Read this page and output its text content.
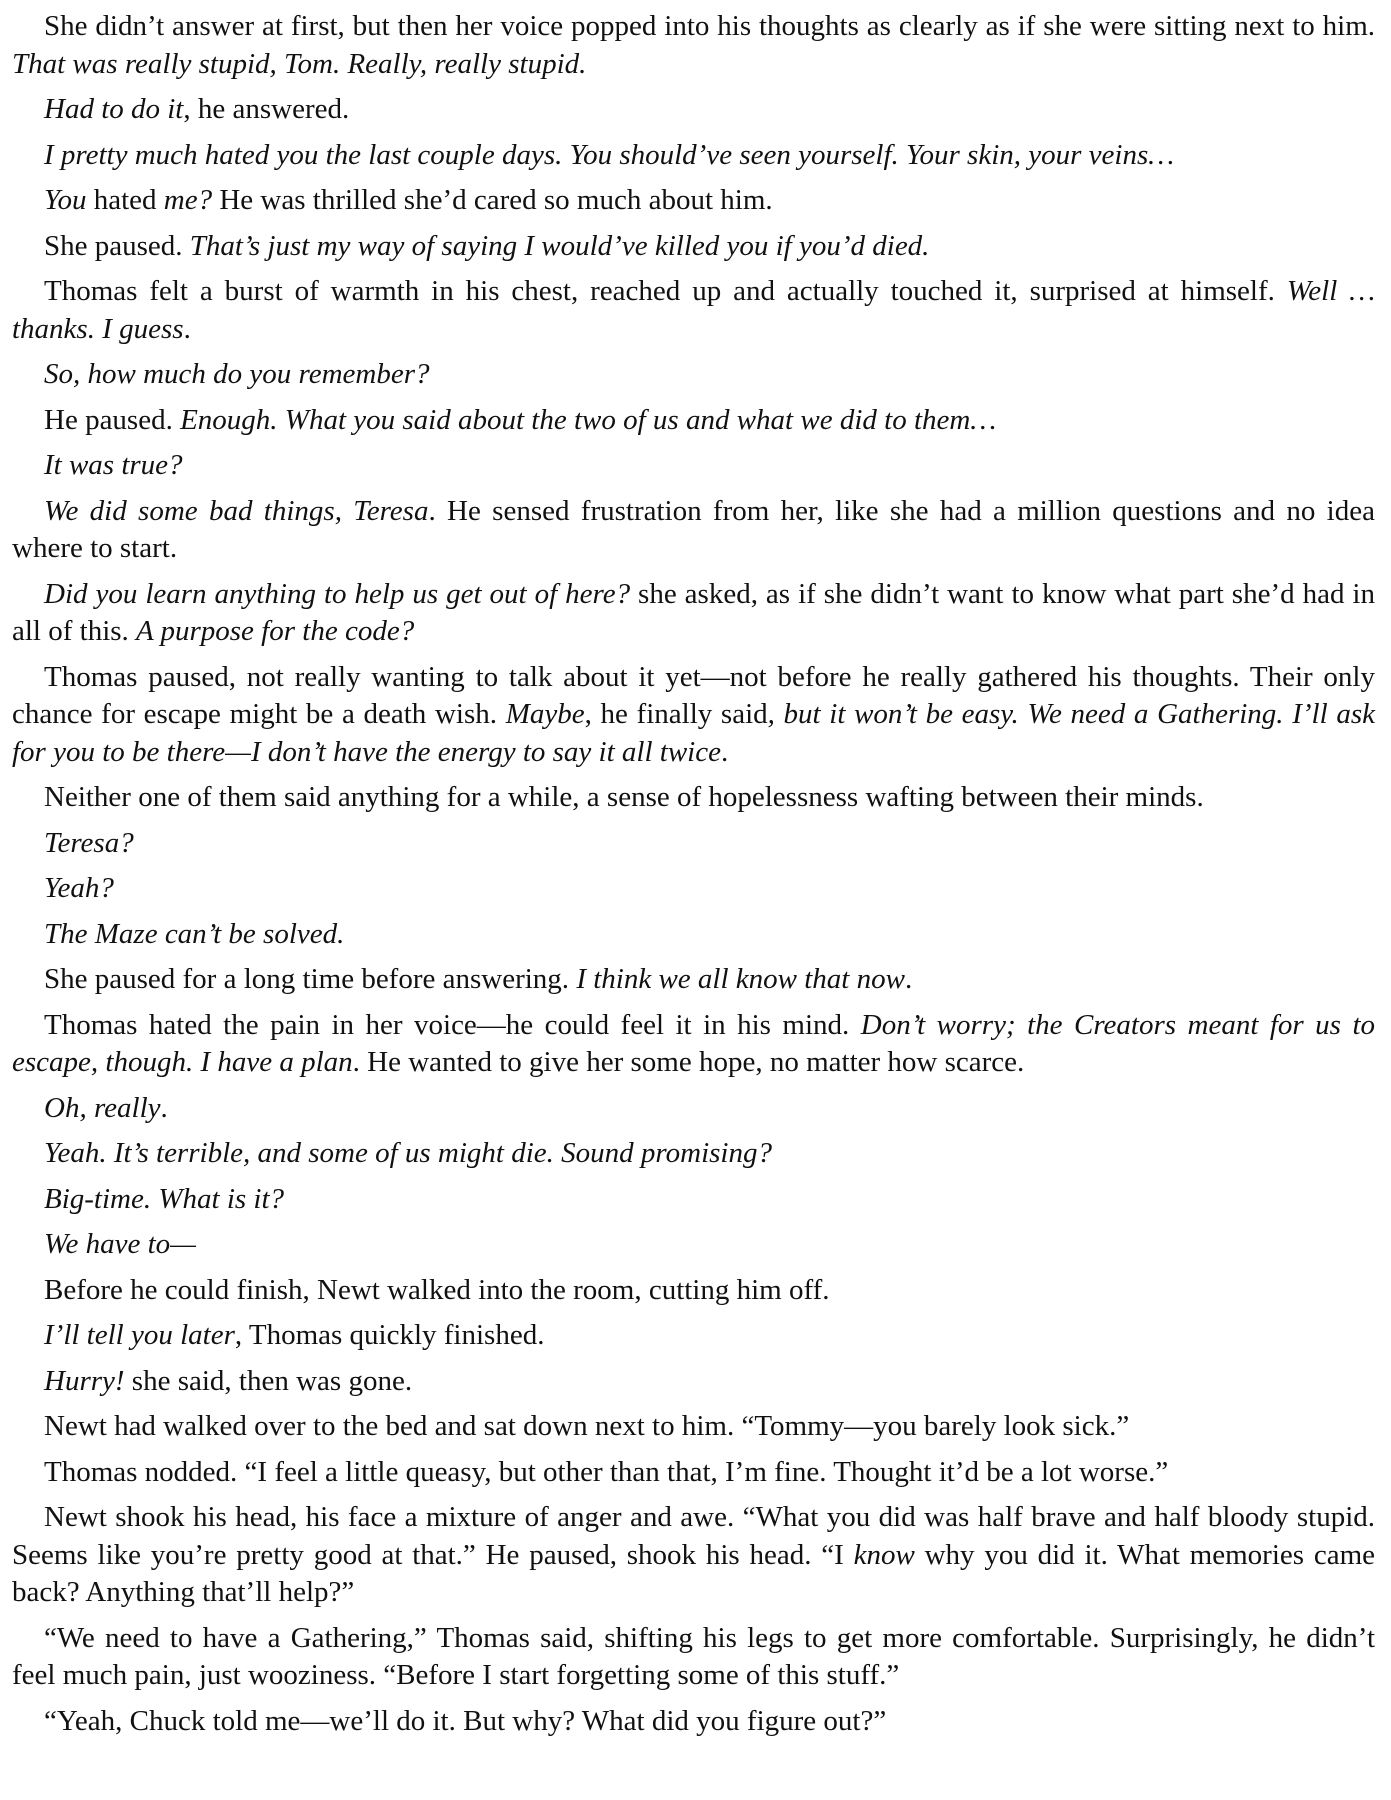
She didn’t answer at first, but then her voice popped into his thoughts as clearly as if she were sitting next to him. That was really stupid, Tom. Really, really stupid.

Had to do it, he answered.

I pretty much hated you the last couple days. You should’ve seen yourself. Your skin, your veins…

You hated me? He was thrilled she’d cared so much about him.

She paused. That’s just my way of saying I would’ve killed you if you’d died.

Thomas felt a burst of warmth in his chest, reached up and actually touched it, surprised at himself. Well … thanks. I guess.

So, how much do you remember?

He paused. Enough. What you said about the two of us and what we did to them…

It was true?

We did some bad things, Teresa. He sensed frustration from her, like she had a million questions and no idea where to start.

Did you learn anything to help us get out of here? she asked, as if she didn’t want to know what part she’d had in all of this. A purpose for the code?

Thomas paused, not really wanting to talk about it yet—not before he really gathered his thoughts. Their only chance for escape might be a death wish. Maybe, he finally said, but it won’t be easy. We need a Gathering. I’ll ask for you to be there—I don’t have the energy to say it all twice.

Neither one of them said anything for a while, a sense of hopelessness wafting between their minds.

Teresa?

Yeah?

The Maze can’t be solved.

She paused for a long time before answering. I think we all know that now.

Thomas hated the pain in her voice—he could feel it in his mind. Don’t worry; the Creators meant for us to escape, though. I have a plan. He wanted to give her some hope, no matter how scarce.

Oh, really.

Yeah. It’s terrible, and some of us might die. Sound promising?

Big-time. What is it?

We have to—

Before he could finish, Newt walked into the room, cutting him off.

I’ll tell you later, Thomas quickly finished.

Hurry! she said, then was gone.

Newt had walked over to the bed and sat down next to him. “Tommy—you barely look sick.”

Thomas nodded. “I feel a little queasy, but other than that, I’m fine. Thought it’d be a lot worse.”

Newt shook his head, his face a mixture of anger and awe. “What you did was half brave and half bloody stupid. Seems like you’re pretty good at that.” He paused, shook his head. “I know why you did it. What memories came back? Anything that’ll help?”

“We need to have a Gathering,” Thomas said, shifting his legs to get more comfortable. Surprisingly, he didn’t feel much pain, just wooziness. “Before I start forgetting some of this stuff.”

“Yeah, Chuck told me—we’ll do it. But why? What did you figure out?”
